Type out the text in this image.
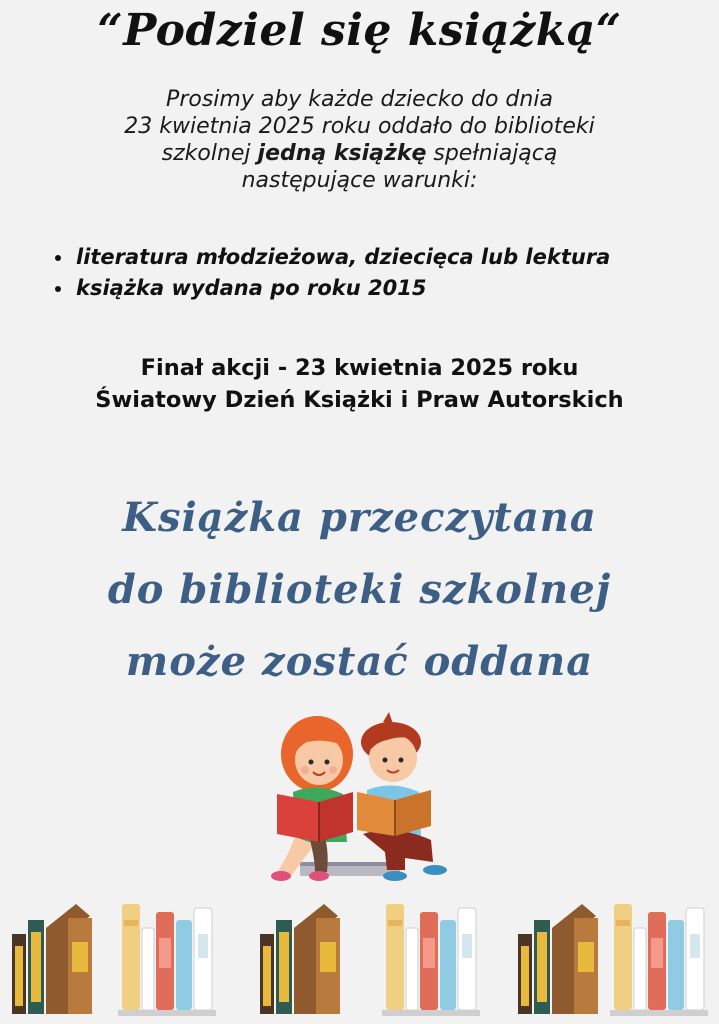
“Podziel się książką“

Prosimy aby każde dziecko do dnia
23 kwietnia 2025 roku oddało do biblioteki
szkolnej jedną książkę spełniającą
następujące warunki:

• literatura młodzieżowa, dziecięca lub lektura
• książka wydana po roku 2015

Finał akcji - 23 kwietnia 2025 roku
Światowy Dzień Książki i Praw Autorskich

Książka przeczytana
do biblioteki szkolnej
może zostać oddana
